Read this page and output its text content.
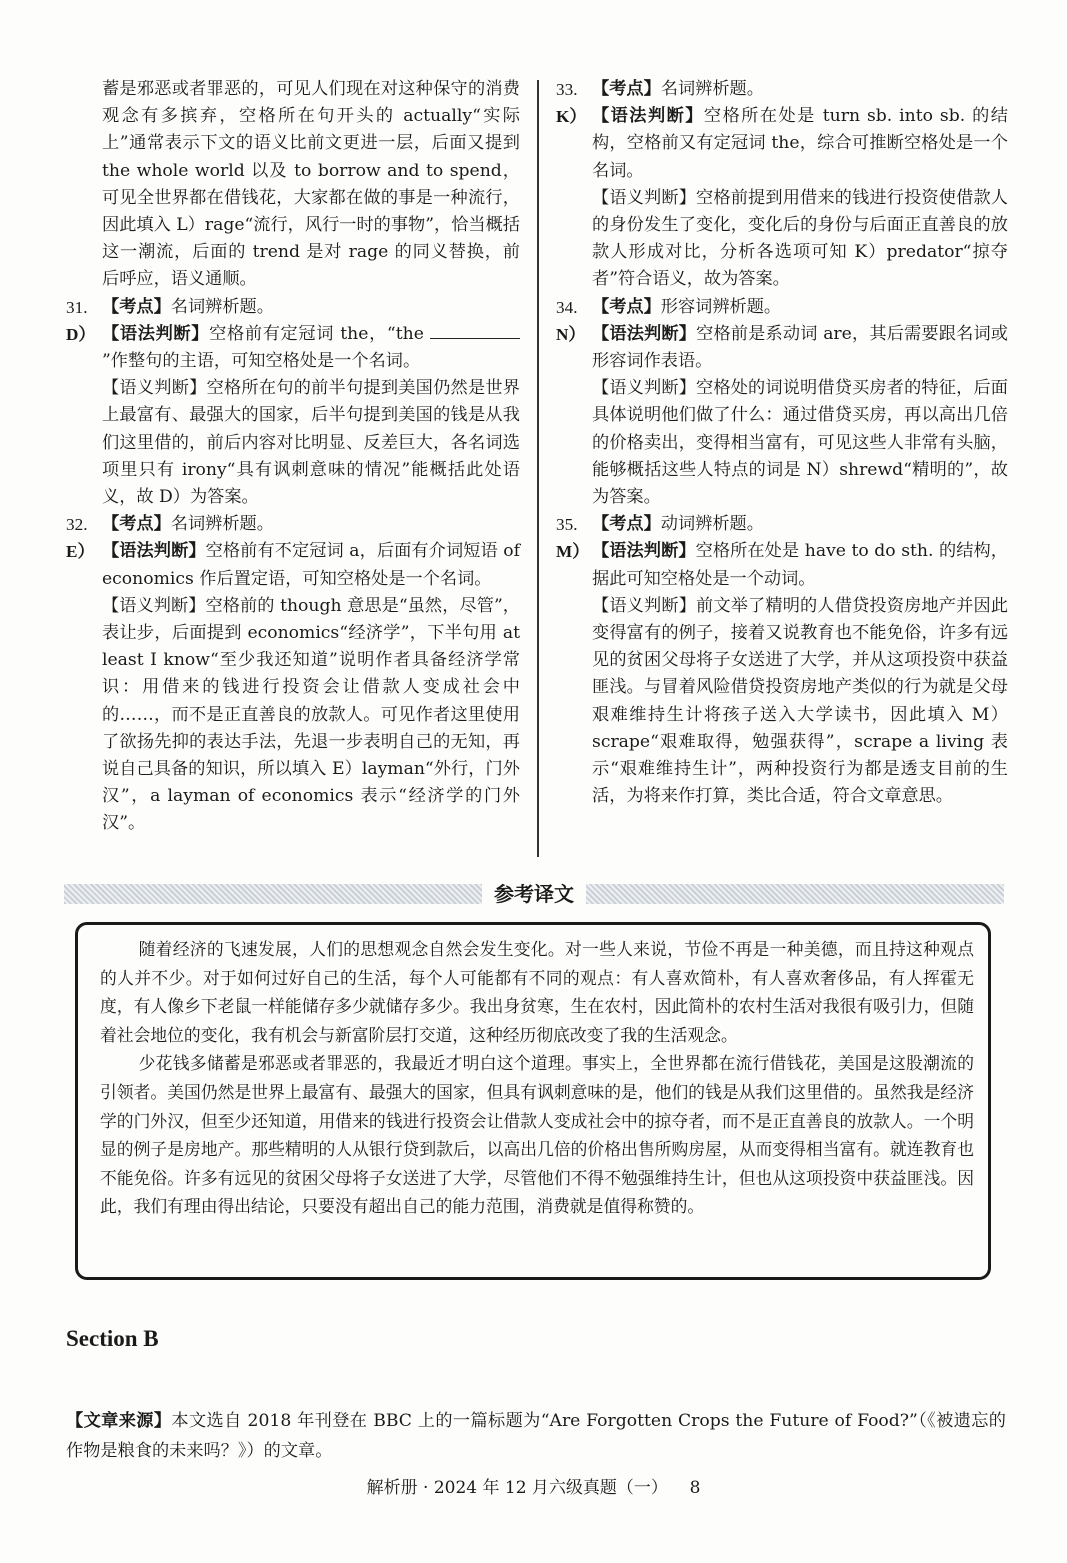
蓄是邪恶或者罪恶的，可见人们现在对这种保守的消费观念有多摈弃，空格所在句开头的 actually“实际上”通常表示下文的语义比前文更进一层，后面又提到 the whole world 以及 to borrow and to spend，可见全世界都在借钱花，大家都在做的事是一种流行，因此填入 L）rage“流行，风行一时的事物”，恰当概括这一潮流，后面的 trend 是对 rage 的同义替换，前后呼应，语义通顺。
31. 【考点】名词辨析题。
D） 【语法判断】空格前有定冠词 the，“the ”作整句的主语，可知空格处是一个名词。
【语义判断】空格所在句的前半句提到美国仍然是世界上最富有、最强大的国家，后半句提到美国的钱是从我们这里借的，前后内容对比明显、反差巨大，各名词选项里只有 irony“具有讽刺意味的情况”能概括此处语义，故 D）为答案。
32. 【考点】名词辨析题。
E） 【语法判断】空格前有不定冠词 a，后面有介词短语 of economics 作后置定语，可知空格处是一个名词。
【语义判断】空格前的 though 意思是“虽然，尽管”，表让步，后面提到 economics“经济学”，下半句用 at least I know“至少我还知道”说明作者具备经济学常识：用借来的钱进行投资会让借款人变成社会中的……，而不是正直善良的放款人。可见作者这里使用了欲扬先抑的表达手法，先退一步表明自己的无知，再说自己具备的知识，所以填入 E）layman“外行，门外汉”，a layman of economics 表示“经济学的门外汉”。
33. 【考点】名词辨析题。
K） 【语法判断】空格所在处是 turn sb. into sb. 的结构，空格前又有定冠词 the，综合可推断空格处是一个名词。
【语义判断】空格前提到用借来的钱进行投资使借款人的身份发生了变化，变化后的身份与后面正直善良的放款人形成对比，分析各选项可知 K）predator“掠夺者”符合语义，故为答案。
34. 【考点】形容词辨析题。
N） 【语法判断】空格前是系动词 are，其后需要跟名词或形容词作表语。
【语义判断】空格处的词说明借贷买房者的特征，后面具体说明他们做了什么：通过借贷买房，再以高出几倍的价格卖出，变得相当富有，可见这些人非常有头脑，能够概括这些人特点的词是 N）shrewd“精明的”，故为答案。
35. 【考点】动词辨析题。
M） 【语法判断】空格所在处是 have to do sth. 的结构，据此可知空格处是一个动词。
【语义判断】前文举了精明的人借贷投资房地产并因此变得富有的例子，接着又说教育也不能免俗，许多有远见的贫困父母将子女送进了大学，并从这项投资中获益匪浅。与冒着风险借贷投资房地产类似的行为就是父母艰难维持生计将孩子送入大学读书，因此填入 M）scrape“艰难取得，勉强获得”，scrape a living 表示“艰难维持生计”，两种投资行为都是透支目前的生活，为将来作打算，类比合适，符合文章意思。
参考译文

随着经济的飞速发展，人们的思想观念自然会发生变化。对一些人来说，节俭不再是一种美德，而且持这种观点的人并不少。对于如何过好自己的生活，每个人可能都有不同的观点：有人喜欢简朴，有人喜欢奢侈品，有人挥霍无度，有人像乡下老鼠一样能储存多少就储存多少。我出身贫寒，生在农村，因此简朴的农村生活对我很有吸引力，但随着社会地位的变化，我有机会与新富阶层打交道，这种经历彻底改变了我的生活观念。

少花钱多储蓄是邪恶或者罪恶的，我最近才明白这个道理。事实上，全世界都在流行借钱花，美国是这股潮流的引领者。美国仍然是世界上最富有、最强大的国家，但具有讽刺意味的是，他们的钱是从我们这里借的。虽然我是经济学的门外汉，但至少还知道，用借来的钱进行投资会让借款人变成社会中的掠夺者，而不是正直善良的放款人。一个明显的例子是房地产。那些精明的人从银行贷到款后，以高出几倍的价格出售所购房屋，从而变得相当富有。就连教育也不能免俗。许多有远见的贫困父母将子女送进了大学，尽管他们不得不勉强维持生计，但也从这项投资中获益匪浅。因此，我们有理由得出结论，只要没有超出自己的能力范围，消费就是值得称赞的。

Section B
【文章来源】本文选自 2018 年刊登在 BBC 上的一篇标题为“Are Forgotten Crops the Future of Food?”（《被遗忘的作物是粮食的未来吗？》）的文章。
解析册 · 2024 年 12 月六级真题（一） 8
